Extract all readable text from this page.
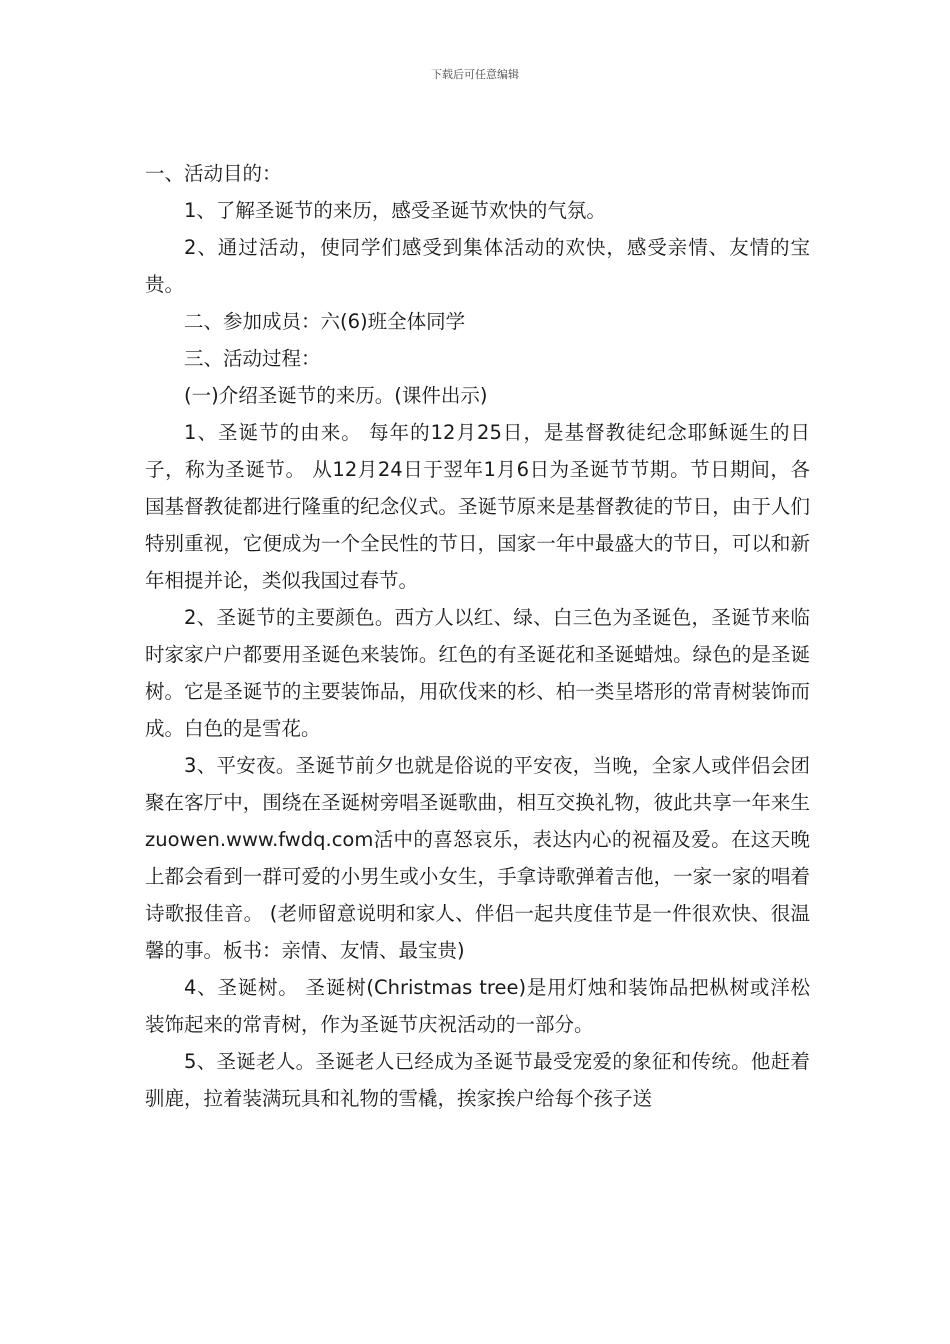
下载后可任意编辑

一、活动目的：

1、了解圣诞节的来历，感受圣诞节欢快的气氛。

2、通过活动，使同学们感受到集体活动的欢快，感受亲情、友情的宝贵。

二、参加成员：六(6)班全体同学

三、活动过程：

(一)介绍圣诞节的来历。(课件出示)

1、圣诞节的由来。 每年的12月25日，是基督教徒纪念耶稣诞生的日子，称为圣诞节。 从12月24日于翌年1月6日为圣诞节节期。节日期间，各国基督教徒都进行隆重的纪念仪式。圣诞节原来是基督教徒的节日，由于人们特别重视，它便成为一个全民性的节日，国家一年中最盛大的节日，可以和新年相提并论，类似我国过春节。

2、圣诞节的主要颜色。西方人以红、绿、白三色为圣诞色，圣诞节来临时家家户户都要用圣诞色来装饰。红色的有圣诞花和圣诞蜡烛。绿色的是圣诞树。它是圣诞节的主要装饰品，用砍伐来的杉、柏一类呈塔形的常青树装饰而成。白色的是雪花。

3、平安夜。圣诞节前夕也就是俗说的平安夜，当晚，全家人或伴侣会团聚在客厅中，围绕在圣诞树旁唱圣诞歌曲，相互交换礼物，彼此共享一年来生zuowen.www.fwdq.com活中的喜怒哀乐，表达内心的祝福及爱。在这天晚上都会看到一群可爱的小男生或小女生，手拿诗歌弹着吉他，一家一家的唱着诗歌报佳音。 (老师留意说明和家人、伴侣一起共度佳节是一件很欢快、很温馨的事。板书：亲情、友情、最宝贵)

4、圣诞树。 圣诞树(Christmas tree)是用灯烛和装饰品把枞树或洋松装饰起来的常青树，作为圣诞节庆祝活动的一部分。

5、圣诞老人。圣诞老人已经成为圣诞节最受宠爱的象征和传统。他赶着驯鹿，拉着装满玩具和礼物的雪橇，挨家挨户给每个孩子送
